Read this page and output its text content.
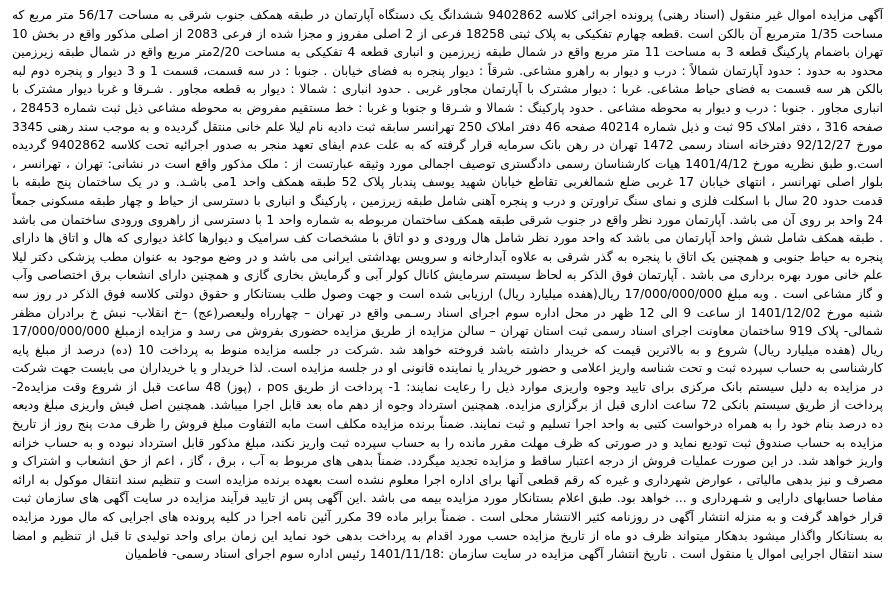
آگهی مزایده اموال غیر منقول (اسناد رهنی) پرونده اجرائی کلاسه 9402862 ششدانگ یک دستگاه آپارتمان در طبقه همکف جنوب شرقی به مساحت 56/17 متر مربع که مساحت 1/35 مترمربع آن بالکن است .قطعه چهارم تفکیکی به پلاک ثبتی 18258 فرعی از 2 اصلی مفروز و مجزا شده از فرعی 2083 از اصلی مذکور واقع در بخش 10 تهران باضمام پارکینگ قطعه 3 به مساحت 11 متر مربع واقع در شمال طبقه زیرزمین و انباری قطعه 4 تفکیکی به مساحت 2/20متر مربع واقع در شمال طبقه زیرزمین محدود به حدود : حدود آپارتمان شمالاً : درب و دیوار به راهرو مشاعی. شرقاً : دیوار پنجره به فضای خیابان . جنوبا : در سه قسمت، قسمت 1 و 3 دیوار و پنجره دوم لبه بالکن هر سه قسمت به فضای حیاط مشاعی. غربا : دیوار مشترک با آپارتمان مجاور غربی . حدود انباری : شمالا : دیوار به قطعه مجاور . شـرقا و غربا دیوار مشترک با انباری مجاور . جنوبا : درب و دیوار به محوطه مشاعی . حدود پارکینگ : شمالا و شـرقا و جنوبا و غربا : خط مستقیم مفروض به محوطه مشاعی ذیل ثبت شماره 28453 ، صفحه 316 ، دفتر املاک 95 ثبت و ذیل شماره 40214 صفحه 46 دفتر املاک 250 تهرانسر سابقه ثبت دادیه نام لیلا علم خانی منتقل گردیده و به موجب سند رهنی 3345 مورخ 92/12/27 دفترخانه اسناد رسمی 1472 تهران در رهن بانک سرمایه قرار گرفته که به علت عدم ایفای تعهد منجر به صدور اجرائیه تحت کلاسه 9402862 گردیده است.و طبق نظریه مورخ 1401/4/12 هیات کارشناسان رسمی دادگستری توصیف اجمالی مورد وثیقه عبارتست از : ملک مذکور واقع است در نشانی: تهران ، تهرانسر ، بلوار اصلی تهرانسر ، انتهای خیابان 17 غربی ضلع شمالغربی تقاطع خیابان شهید یوسف پندبار پلاک 52 طبقه همکف واحد 1می باشـد. و در یک ساختمان پنج طبقه با قدمت حدود 20 سال با اسکلت فلزی و نمای سنگ تراورتن و درب و پنجره آهنی شامل طبقه زیرزمین ، پارکینگ و انباری با دسترسی از حیاط و چهار طبقه مسکونی جمعاً 24 واحد بر روی آن می باشد. آپارتمان مورد نظر واقع در جنوب شرقی طبقه همکف ساختمان مربوطه به شماره واحد 1 با دسترسی از راهروی ورودی ساختمان می باشد . طبقه همکف شامل شش واحد آپارتمان می باشد که واحد مورد نظر شامل هال ورودی و دو اتاق با مشخصات کف سرامیک و دیوارها کاغذ دیواری که هال و اتاق ها دارای پنجره به حیاط جنوبی و همچنین یک اتاق با پنجره به گذر شرقی به علاوه آبدارخانه و سرویس بهداشتی ایرانی می باشد و در وضع موجود به عنوان مطب پزشکی دکتر لیلا علم خانی مورد بهره برداری می باشد . آپارتمان فوق الذکر به لحاظ سیستم سرمایش کانال کولر آبی و گرمایش بخاری گازی و همچنین دارای انشعاب برق اختصاصی وآب و گاز مشاعی است . وبه مبلغ 17/000/000/000 ریال(هفده میلیارد ریال) ارزیابی شده است و جهت وصول طلب بستانکار و حقوق دولتی کلاسه فوق الذکر در روز سه شنبه مورخ 1401/12/02 از ساعت 9 الی 12 ظهر در محل اداره سوم اجرای اسناد رسـمی واقع در تهران – چهارراه ولیعصر(عج) –خ انقلاب- نبش خ برادران مظفر شمالی- پلاک 919 ساختمان معاونت اجرای اسناد رسمی ثبت استان تهران – سالن مزایده از طریق مزایده حضوری بفروش می رسد و مزایده ازمبلغ 17/000/000/000 ریال (هفده میلیارد ریال) شروع و به بالاترین قیمت که خریدار داشته باشد فروخته خواهد شد .شرکت در جلسه مزایده منوط به پرداخت 10 (ده) درصد از مبلغ پایه کارشناسی به حساب سپرده ثبت و تحت شناسه واریز اعلامی و حضور خریدار یا نماینده قانونی او در جلسه مزایده است. لذا خریدار و یا خریداران می بایست جهت شرکت در مزایده به دلیل سیستم بانک مرکزی برای تایید وجوه واریزی موارد ذیل را رعایت نمایند: 1- پرداخت از طریق pos ، (پوز) 48 ساعت قبل از شروع وقت مزایده2- پرداخت از طریق سیستم بانکی 72 ساعت اداری قبل از برگزاری مزایده. همچنین استرداد وجوه از دهم ماه بعد قابل اجرا میباشد. همچنین اصل فیش واریزی مبلغ ودیعه ده درصد بنام خود را به همراه درخواست کتبی به واحد اجرا تسلیم و ثبت نمایند. ضمناً برنده مزایده مکلف است مابه التفاوت مبلغ فروش را ظرف مدت پنج روز از تاریخ مزایده به حساب صندوق ثبت تودیع نماید و در صورتی که ظرف مهلت مقرر مانده را به حساب سپرده ثبت واریز نکند، مبلغ مذکور قابل استرداد نبوده و به حساب خزانه واریز خواهد شد. در این صورت عملیات فروش از درجه اعتبار ساقط و مزایده تجدید میگردد. ضمناً بدهی های مربوط به آب ، برق ، گاز ، اعم از حق انشعاب و اشتراک و مصرف و نیز بدهی مالیاتی ، عوارض شهرداری و غیره که رقم قطعی آنها برای اداره اجرا معلوم نشده است بعهده برنده مزایده است و تنظیم سند انتقال موکول به ارائه مفاصا حسابهای دارایی و شـهرداری و ... خواهد بود. طبق اعلام بستانکار مورد مزایده بیمه می باشد .این آگهی پس از تایید فرآیند مزایده در سایت آگهی های سازمان ثبت قرار خواهد گرفت و به منزله انتشار آگهی در روزنامه کثیر الانتشار محلی است . ضمناً برابر ماده 39 مکرر آئین نامه اجرا در کلیه پرونده های اجرایی که مال مورد مزایده به بستانکار واگذار میشود بدهکار میتواند ظرف دو ماه از تاریخ مزایده حسب مورد اقدام به پرداخت بدهی خود نماید این زمان برای واحد تولیدی تا قبل از تنظیم و امضا سند انتقال اجرایی اموال یا منقول است . تاریخ انتشار آگهی مزایده در سایت سازمان :1401/11/18 رئیس اداره سوم اجرای اسناد رسمی- فاطمیان
